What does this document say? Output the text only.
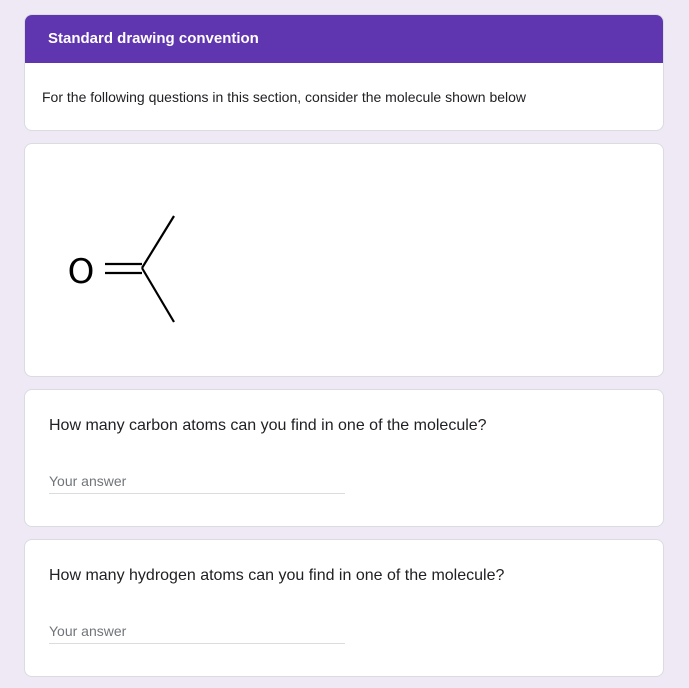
Standard drawing convention
For the following questions in this section, consider the molecule shown below
O
How many carbon atoms can you find in one of the molecule?
Your answer
How many hydrogen atoms can you find in one of the molecule?
Your answer
